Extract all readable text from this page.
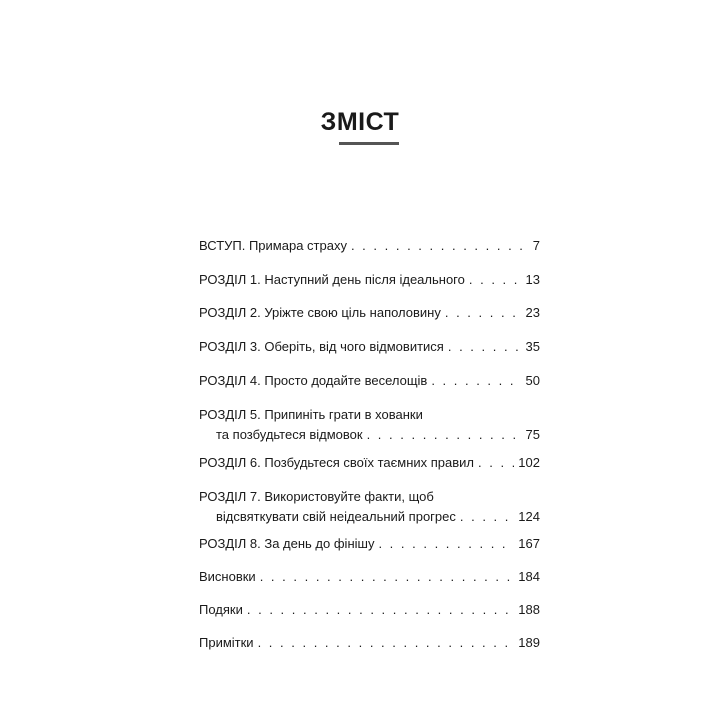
ЗМІСТ
ВСТУП. Примара страху . . .	7
РОЗДІЛ 1. Наступний день після ідеального . . .	13
РОЗДІЛ 2. Уріжте свою ціль наполовину . . .	23
РОЗДІЛ 3. Оберіть, від чого відмовитися . . .	35
РОЗДІЛ 4. Просто додайте веселощів . . .	50
РОЗДІЛ 5. Припиніть грати в хованки
та позбудьтеся відмовок . . .	75
РОЗДІЛ 6. Позбудьтеся своїх таємних правил . . .	102
РОЗДІЛ 7. Використовуйте факти, щоб
відсвяткувати свій неідеальний прогрес . . .	124
РОЗДІЛ 8. За день до фінішу . . .	167
Висновки . . .	184
Подяки . . .	188
Примітки . . .	189
